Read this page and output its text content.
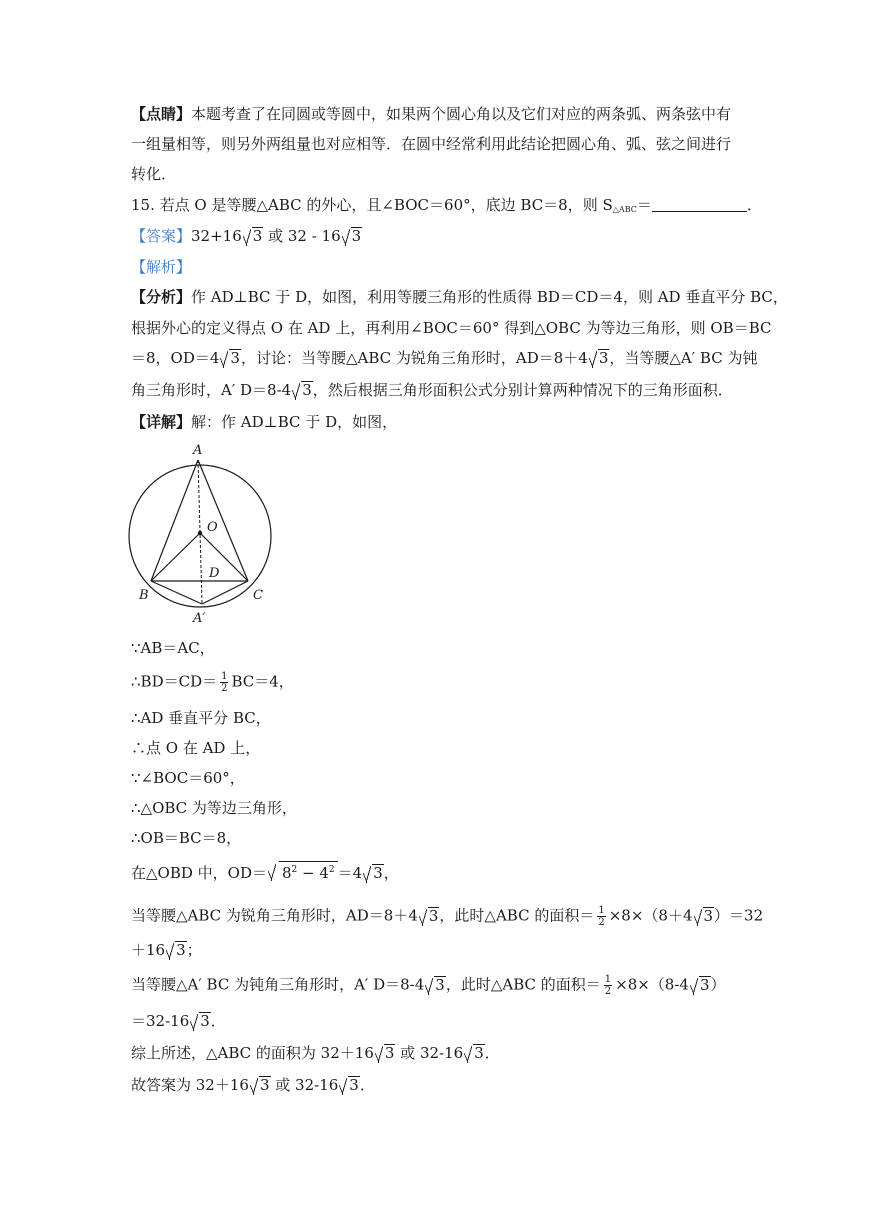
【点睛】本题考查了在同圆或等圆中，如果两个圆心角以及它们对应的两条弧、两条弦中有
一组量相等，则另外两组量也对应相等．在圆中经常利用此结论把圆心角、弧、弦之间进行
转化．
15. 若点 O 是等腰△ABC 的外心，且∠BOC＝60°，底边 BC＝8，则 $S_{\triangle ABC}=$	．
【答案】32+16 3 或 32 - 16 3
【解析】
【分析】作 AD⊥BC 于 D，如图，利用等腰三角形的性质得 BD＝CD＝4，则 AD 垂直平分 BC，
根据外心的定义得点 O 在 AD 上，再利用∠BOC＝60° 得到△OBC 为等边三角形，则 OB＝BC
＝8，OD＝4 3，讨论：当等腰△ABC 为锐角三角形时，AD＝8＋4 3，当等腰△A′ BC 为钝
角三角形时，A′ D＝8-4 3，然后根据三角形面积公式分别计算两种情况下的三角形面积．
【详解】解：作 AD⊥BC 于 D，如图，
A
O
D
B	C
A′
∵AB＝AC，
∴BD＝CD＝ $\frac{1}{2} BC=4$，
∴AD 垂直平分 BC，
∴点 O 在 AD 上，
∵∠BOC＝60°，
∴△OBC 为等边三角形，
∴OB＝BC＝8，
在△OBD 中，$OD= 8^2 - 4^2 =4$ 3，
当等腰△ABC 为锐角三角形时，AD＝8＋4 3，此时△ABC 的面积＝ $\frac{1}{2} \times 8\times(8+4$ 3）＝32
＋16 3；
当等腰△A′ BC 为钝角三角形时，A′ D＝8-4 3，此时△ABC 的面积＝ $\frac{1}{2} \times 8\times(8-4$ 3）
＝32-16 3．
综上所述，△ABC 的面积为 32＋16 3 或 32-16 3．
故答案为 32＋16 3 或 32-16 3．
